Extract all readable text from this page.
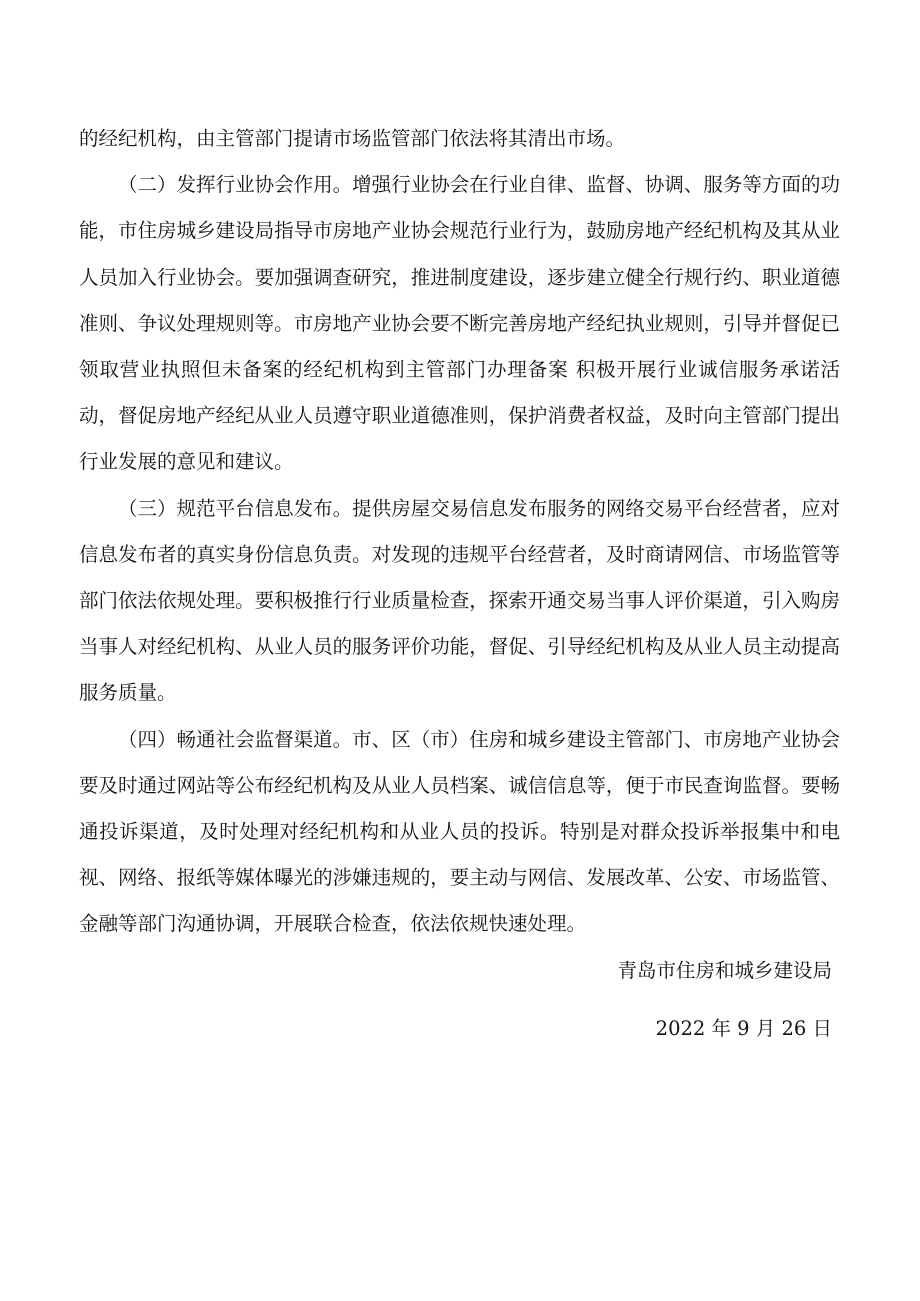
的经纪机构，由主管部门提请市场监管部门依法将其清出市场。

（二）发挥行业协会作用。增强行业协会在行业自律、监督、协调、服务等方面的功能，市住房城乡建设局指导市房地产业协会规范行业行为，鼓励房地产经纪机构及其从业人员加入行业协会。要加强调查研究，推进制度建设，逐步建立健全行规行约、职业道德准则、争议处理规则等。市房地产业协会要不断完善房地产经纪执业规则，引导并督促已领取营业执照但未备案的经纪机构到主管部门办理备案 积极开展行业诚信服务承诺活动，督促房地产经纪从业人员遵守职业道德准则，保护消费者权益，及时向主管部门提出行业发展的意见和建议。

（三）规范平台信息发布。提供房屋交易信息发布服务的网络交易平台经营者，应对信息发布者的真实身份信息负责。对发现的违规平台经营者，及时商请网信、市场监管等部门依法依规处理。要积极推行行业质量检查，探索开通交易当事人评价渠道，引入购房当事人对经纪机构、从业人员的服务评价功能，督促、引导经纪机构及从业人员主动提高服务质量。

（四）畅通社会监督渠道。市、区（市）住房和城乡建设主管部门、市房地产业协会要及时通过网站等公布经纪机构及从业人员档案、诚信信息等，便于市民查询监督。要畅通投诉渠道，及时处理对经纪机构和从业人员的投诉。特别是对群众投诉举报集中和电视、网络、报纸等媒体曝光的涉嫌违规的，要主动与网信、发展改革、公安、市场监管、金融等部门沟通协调，开展联合检查，依法依规快速处理。

青岛市住房和城乡建设局

2022 年 9 月 26 日
